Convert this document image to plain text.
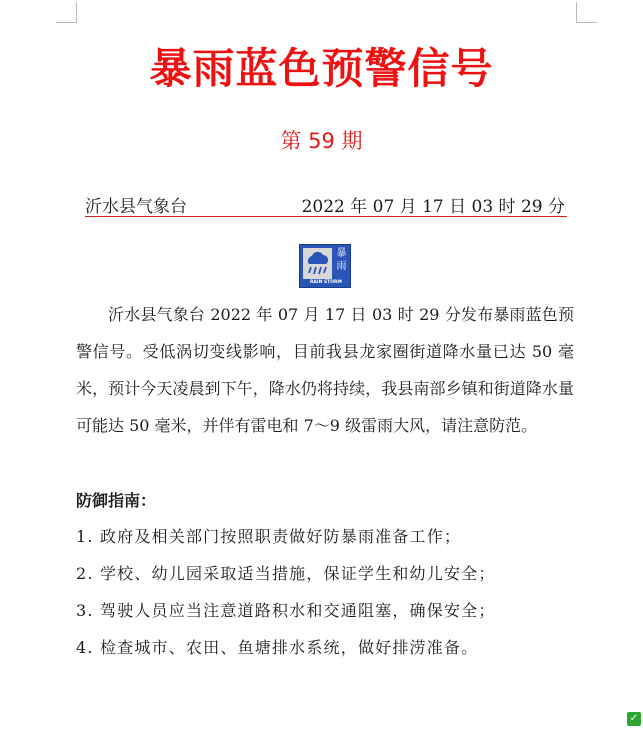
暴雨蓝色预警信号
第 59 期
沂水县气象台	2022 年 07 月 17 日 03 时 29 分
暴
雨
RAIN STORM

沂水县气象台 2022 年 07 月 17 日 03 时 29 分发布暴雨蓝色预警信号。受低涡切变线影响，目前我县龙家圈街道降水量已达 50 毫米，预计今天凌晨到下午，降水仍将持续，我县南部乡镇和街道降水量可能达 50 毫米，并伴有雷电和 7～9 级雷雨大风，请注意防范。

防御指南：
1. 政府及相关部门按照职责做好防暴雨准备工作；
2. 学校、幼儿园采取适当措施，保证学生和幼儿安全；
3. 驾驶人员应当注意道路积水和交通阻塞，确保安全；
4. 检查城市、农田、鱼塘排水系统，做好排涝准备。
✓
